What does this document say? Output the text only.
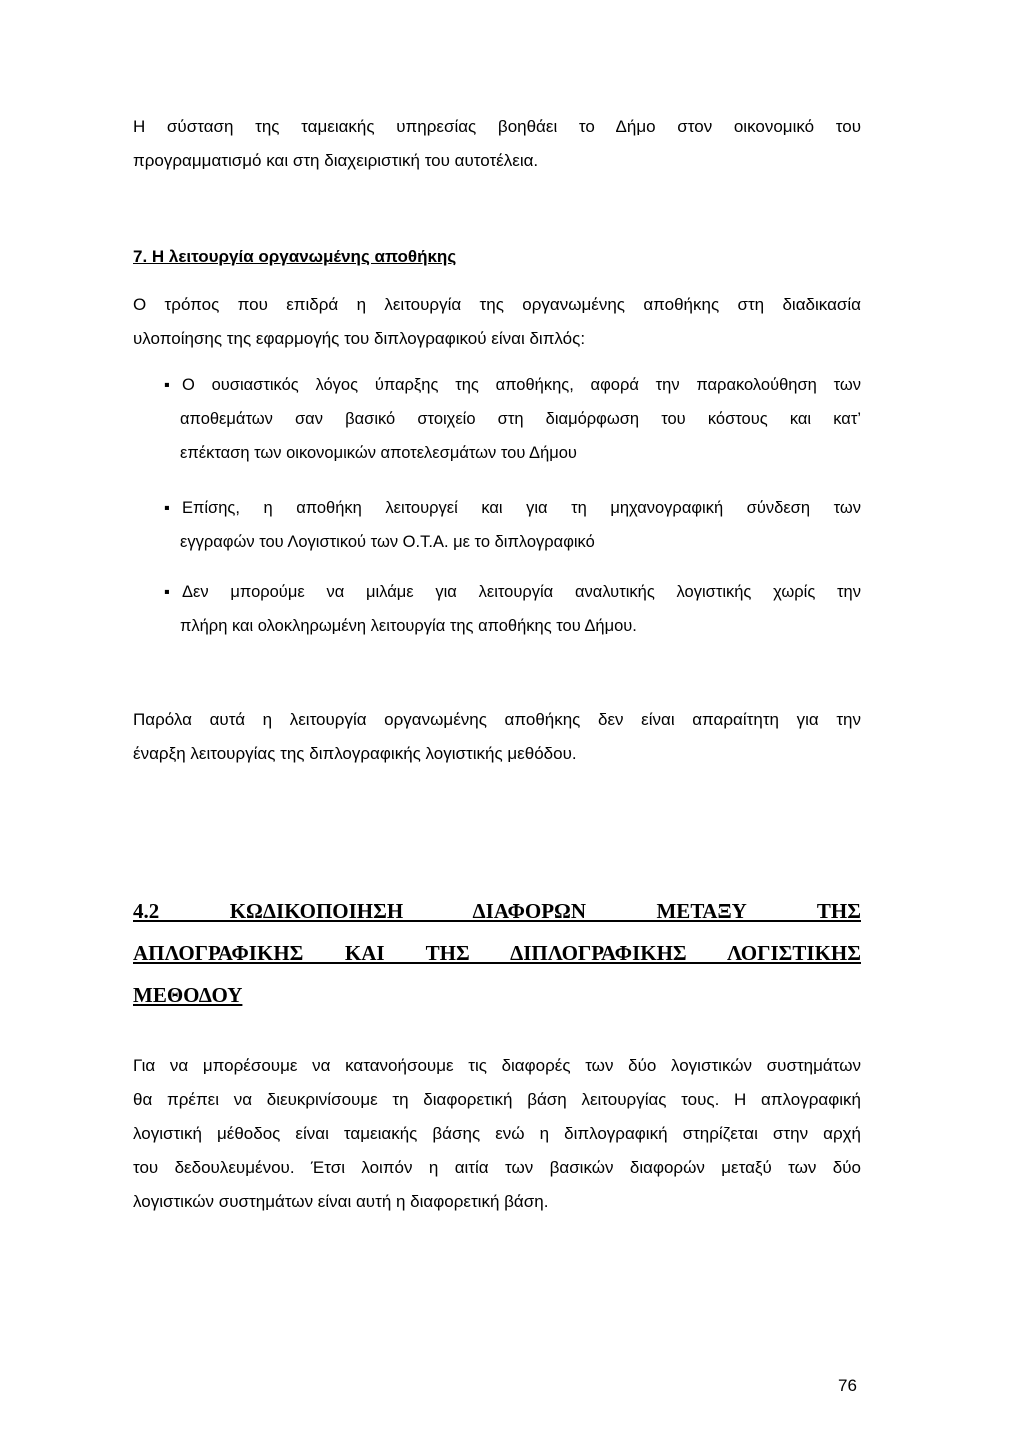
Η σύσταση της ταμειακής υπηρεσίας βοηθάει το Δήμο στον οικονομικό του
προγραμματισμό και στη διαχειριστική του αυτοτέλεια.

7. Η λειτουργία οργανωμένης αποθήκης

Ο τρόπος που επιδρά η λειτουργία της οργανωμένης αποθήκης στη διαδικασία
υλοποίησης της εφαρμογής του διπλογραφικού είναι διπλός:

▪ Ο ουσιαστικός λόγος ύπαρξης της αποθήκης, αφορά την παρακολούθηση των
αποθεμάτων σαν βασικό στοιχείο στη διαμόρφωση του κόστους και κατ’
επέκταση των οικονομικών αποτελεσμάτων του Δήμου
▪ Επίσης, η αποθήκη λειτουργεί και για τη μηχανογραφική σύνδεση των
εγγραφών του Λογιστικού των Ο.Τ.Α. με το διπλογραφικό
▪ Δεν μπορούμε να μιλάμε για λειτουργία αναλυτικής λογιστικής χωρίς την
πλήρη και ολοκληρωμένη λειτουργία της αποθήκης του Δήμου.

Παρόλα αυτά η λειτουργία οργανωμένης αποθήκης δεν είναι απαραίτητη για την
έναρξη λειτουργίας της διπλογραφικής λογιστικής μεθόδου.

4.2 ΚΩΔΙΚΟΠΟΙΗΣΗ ΔΙΑΦΟΡΩΝ ΜΕΤΑΞΥ ΤΗΣ
ΑΠΛΟΓΡΑΦΙΚΗΣ ΚΑΙ ΤΗΣ ΔΙΠΛΟΓΡΑΦΙΚΗΣ ΛΟΓΙΣΤΙΚΗΣ
ΜΕΘΟΔΟΥ

Για να μπορέσουμε να κατανοήσουμε τις διαφορές των δύο λογιστικών συστημάτων
θα πρέπει να διευκρινίσουμε τη διαφορετική βάση λειτουργίας τους. Η απλογραφική
λογιστική μέθοδος είναι ταμειακής βάσης ενώ η διπλογραφική στηρίζεται στην αρχή
του δεδουλευμένου. Έτσι λοιπόν η αιτία των βασικών διαφορών μεταξύ των δύο
λογιστικών συστημάτων είναι αυτή η διαφορετική βάση.

76
